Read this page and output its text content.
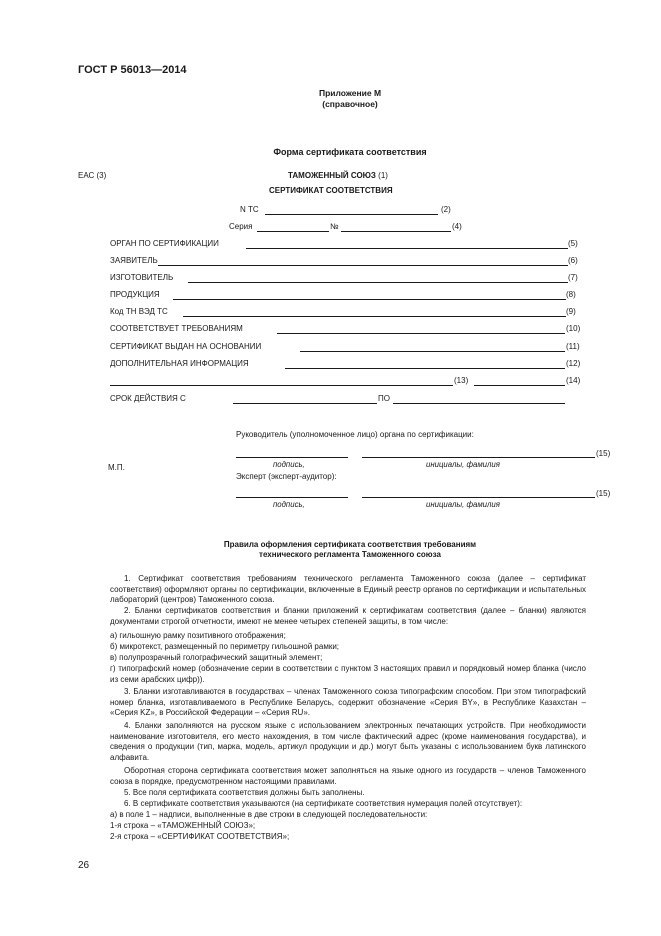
ГОСТ Р 56013—2014
Приложение М
(справочное)
Форма сертификата соответствия
ЕАС (3)	ТАМОЖЕННЫЙ СОЮЗ (1)
СЕРТИФИКАТ СООТВЕТСТВИЯ
N ТС	(2)
Серия	№	(4)
ОРГАН ПО СЕРТИФИКАЦИИ	(5)
ЗАЯВИТЕЛЬ	(6)
ИЗГОТОВИТЕЛЬ	(7)
ПРОДУКЦИЯ	(8)
Код ТН ВЭД ТС	(9)
СООТВЕТСТВУЕТ ТРЕБОВАНИЯМ	(10)
СЕРТИФИКАТ ВЫДАН НА ОСНОВАНИИ	(11)
ДОПОЛНИТЕЛЬНАЯ ИНФОРМАЦИЯ	(12)
(13)	(14)
СРОК ДЕЙСТВИЯ С	ПО
Руководитель (уполномоченное лицо) органа по сертификации:
(15)
подпись,	инициалы, фамилия
М.П.
Эксперт (эксперт-аудитор):
(15)
подпись,	инициалы, фамилия
Правила оформления сертификата соответствия требованиям
технического регламента Таможенного союза
1. Сертификат соответствия требованиям технического регламента Таможенного союза (далее – сертификат соответствия) оформляют органы по сертификации, включенные в Единый реестр органов по сертификации и испытательных лабораторий (центров) Таможенного союза.
2. Бланки сертификатов соответствия и бланки приложений к сертификатам соответствия (далее – бланки) являются документами строгой отчетности, имеют не менее четырех степеней защиты, в том числе:
а) гильошную рамку позитивного отображения;
б) микротекст, размещенный по периметру гильошной рамки;
в) полупрозрачный голографический защитный элемент;
г) типографский номер (обозначение серии в соответствии с пунктом 3 настоящих правил и порядковый номер бланка (число из семи арабских цифр)).
3. Бланки изготавливаются в государствах – членах Таможенного союза типографским способом. При этом типографский номер бланка, изготавливаемого в Республике Беларусь, содержит обозначение «Серия BY», в Республике Казахстан – «Серия KZ», в Российской Федерации – «Серия RU».
4. Бланки заполняются на русском языке с использованием электронных печатающих устройств. При необходимости наименование изготовителя, его место нахождения, в том числе фактический адрес (кроме наименования государства), и сведения о продукции (тип, марка, модель, артикул продукции и др.) могут быть указаны с использованием букв латинского алфавита.
Оборотная сторона сертификата соответствия может заполняться на языке одного из государств – членов Таможенного союза в порядке, предусмотренном настоящими правилами.
5. Все поля сертификата соответствия должны быть заполнены.
6. В сертификате соответствия указываются (на сертификате соответствия нумерация полей отсутствует):
а) в поле 1 – надписи, выполненные в две строки в следующей последовательности:
1-я строка – «ТАМОЖЕННЫЙ СОЮЗ»;
2-я строка – «СЕРТИФИКАТ СООТВЕТСТВИЯ»;
26
